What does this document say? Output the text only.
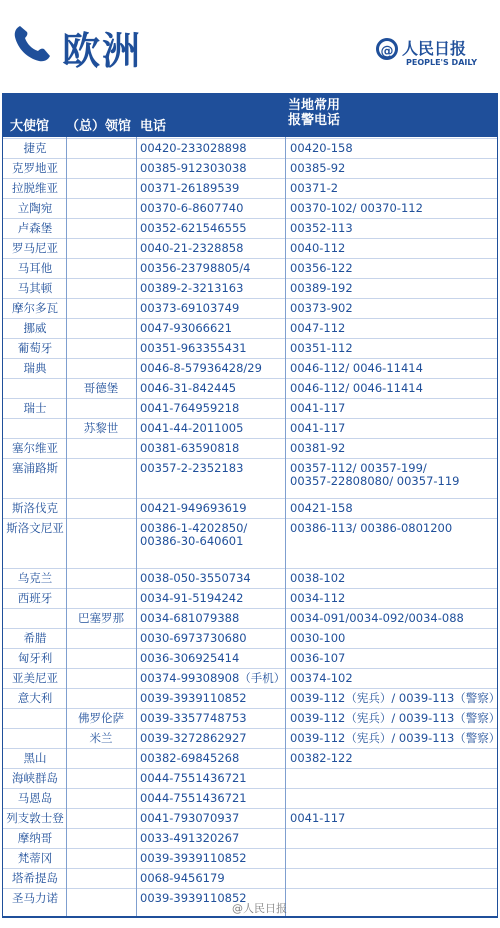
欧洲	@ 人民日报
PEOPLE'S DAILY
大使馆 （总）领馆 电话
当地常用
报警电话
捷克	00420-233028898	00420-158
克罗地亚	00385-912303038	00385-92
拉脱维亚	00371-26189539	00371-2
立陶宛	00370-6-8607740	00370-102/ 00370-112
卢森堡	00352-621546555	00352-113
罗马尼亚	0040-21-2328858	0040-112
马耳他	00356-23798805/4	00356-122
马其顿	00389-2-3213163	00389-192
摩尔多瓦	00373-69103749	00373-902
挪威	0047-93066621	0047-112
葡萄牙	00351-963355431	00351-112
瑞典	0046-8-57936428/29 0046-112/ 0046-11414
哥德堡	0046-31-842445	0046-112/ 0046-11414
瑞士	0041-764959218	0041-117
苏黎世	0041-44-2011005	0041-117
塞尔维亚	00381-63590818	00381-92
塞浦路斯	00357-2-2352183	00357-112/ 00357-199/
00357-22808080/ 00357-119
斯洛伐克	00421-949693619	00421-158
斯洛文尼亚	00386-1-4202850/
00386-30-640601
00386-113/ 00386-0801200
乌克兰	0038-050-3550734	0038-102
西班牙	0034-91-5194242	0034-112
巴塞罗那	0034-681079388	0034-091/0034-092/0034-088
希腊	0030-6973730680	0030-100
匈牙利	0036-306925414	0036-107
亚美尼亚	00374-99308908（手机） 00374-102
意大利	0039-3939110852	0039-112（宪兵）/ 0039-113（警察）
佛罗伦萨	0039-3357748753	0039-112（宪兵）/ 0039-113（警察）
米兰	0039-3272862927	0039-112（宪兵）/ 0039-113（警察）
黑山	00382-69845268	00382-122
海峡群岛	0044-7551436721
马恩岛	0044-7551436721
列支敦士登	0041-793070937	0041-117
摩纳哥	0033-491320267
梵蒂冈	0039-3939110852
塔希提岛	0068-9456179
圣马力诺	0039-3939110852
@人民日报
